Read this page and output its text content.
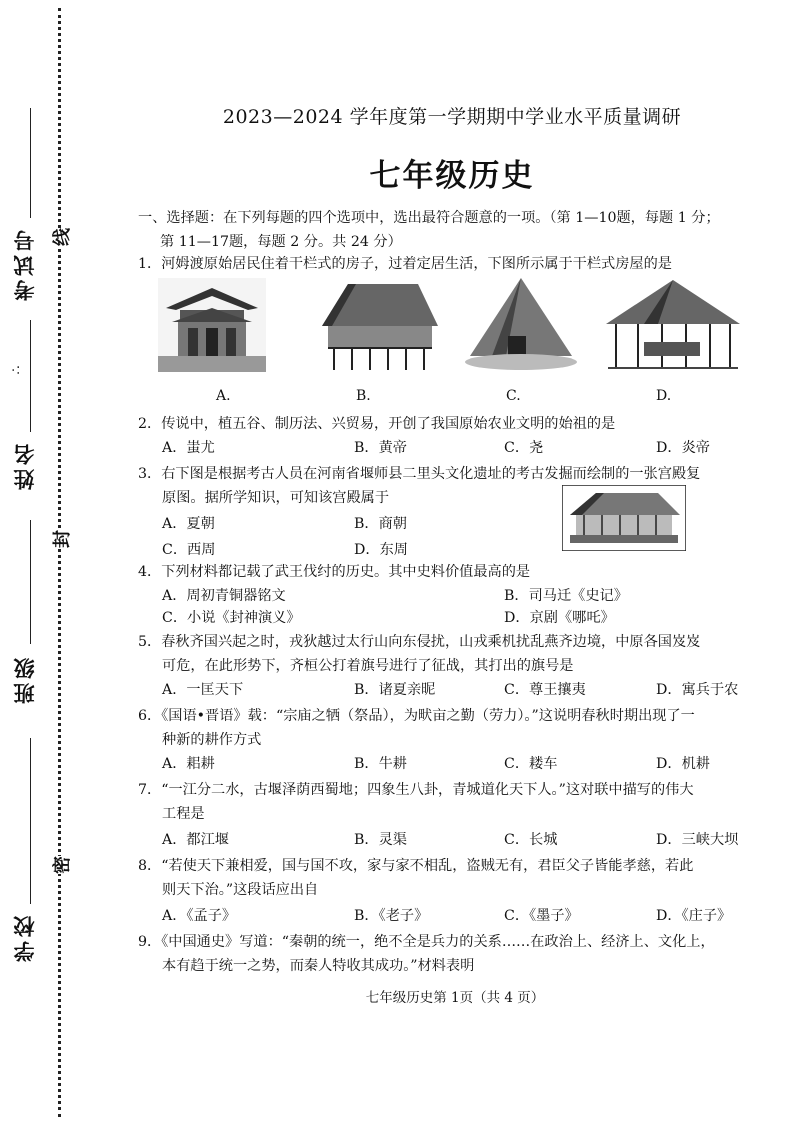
考试号
∴
姓名
班级
学校
线
封
密
2023—2024 学年度第一学期期中学业水平质量调研
七年级历史
一、选择题：在下列每题的四个选项中，选出最符合题意的一项。（第 1—10题，每题 1 分；
第 11—17题，每题 2 分。共 24 分）
1．河姆渡原始居民住着干栏式的房子，过着定居生活，下图所示属于干栏式房屋的是
A.	B.	C.	D.
2．传说中，植五谷、制历法、兴贸易，开创了我国原始农业文明的始祖的是
A．蚩尤	B．黄帝	C．尧	D．炎帝
3．右下图是根据考古人员在河南省堰师县二里头文化遗址的考古发掘而绘制的一张宫殿复
原图。据所学知识，可知该宫殿属于
A．夏朝	B．商朝
C．西周	D．东周
4．下列材料都记载了武王伐纣的历史。其中史料价值最高的是
A．周初青铜器铭文	B．司马迁《史记》
C．小说《封神演义》	D．京剧《哪吒》
5．春秋齐国兴起之时，戎狄越过太行山向东侵扰，山戎乘机扰乱燕齐边境，中原各国岌岌
可危，在此形势下，齐桓公打着旗号进行了征战，其打出的旗号是
A．一匡天下	B．诸夏亲昵	C．尊王攘夷	D．寓兵于农
6．《国语•晋语》载：“宗庙之牺（祭品），为畎亩之勤（劳力）。”这说明春秋时期出现了一
种新的耕作方式
A．耜耕	B．牛耕	C．耧车	D．机耕
7．“一江分二水，古堰泽荫西蜀地；四象生八卦，青城道化天下人。”这对联中描写的伟大
工程是
A．都江堰	B．灵渠	C．长城	D．三峡大坝
8．“若使天下兼相爱，国与国不攻，家与家不相乱，盗贼无有，君臣父子皆能孝慈，若此
则天下治。”这段话应出自
A．《孟子》	B．《老子》	C．《墨子》	D．《庄子》
9．《中国通史》写道：“秦朝的统一，绝不全是兵力的关系……在政治上、经济上、文化上，
本有趋于统一之势，而秦人特收其成功。”材料表明
七年级历史第 1页（共 4 页）
